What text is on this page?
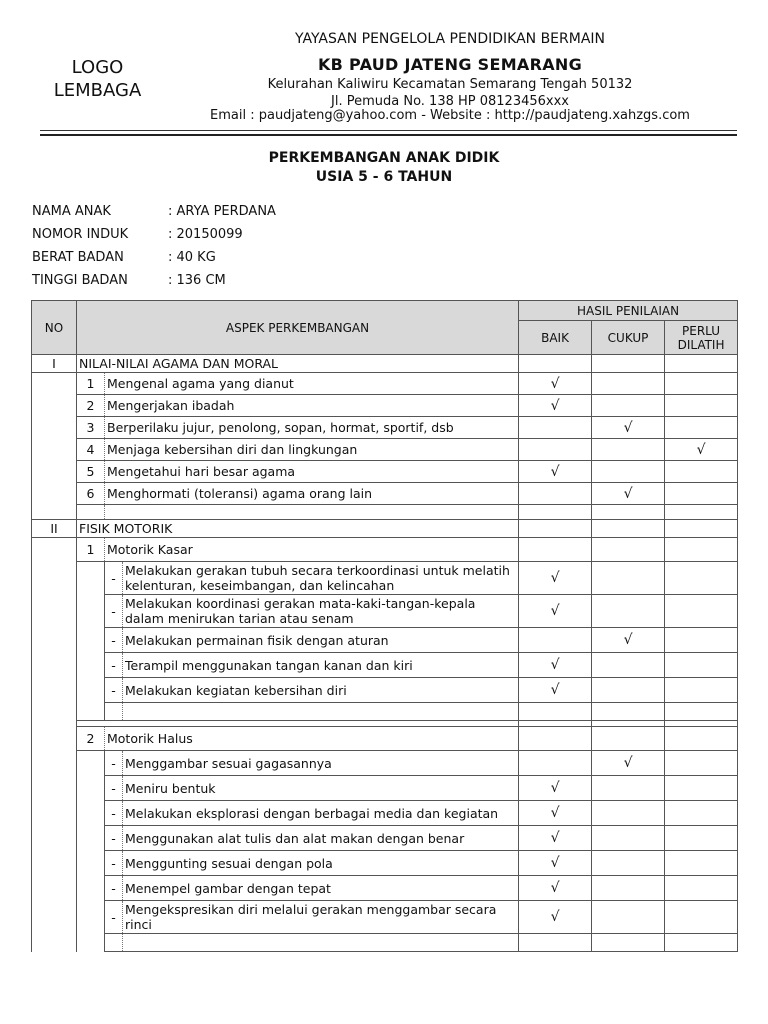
LOGO
LEMBAGA
YAYASAN PENGELOLA PENDIDIKAN BERMAIN
KB PAUD JATENG SEMARANG
Kelurahan Kaliwiru Kecamatan Semarang Tengah 50132
Jl. Pemuda No. 138 HP 08123456xxx
Email : paudjateng@yahoo.com - Website : http://paudjateng.xahzgs.com
PERKEMBANGAN ANAK DIDIK
USIA 5 - 6 TAHUN
NAMA ANAK	: ARYA PERDANA
NOMOR INDUK	: 20150099
BERAT BADAN	: 40 KG
TINGGI BADAN	: 136 CM
NO	ASPEK PERKEMBANGAN			HASIL PENILAIAN		
				BAIK	CUKUP	PERLU
DILATIH

I	NILAI-NILAI AGAMA DAN MORAL					
	1	Mengenal agama yang dianut		√		
	2	Mengerjakan ibadah		√		
	3	Berperilaku jujur, penolong, sopan, hormat, sportif, dsb			√	
	4	Menjaga kebersihan diri dan lingkungan				√
	5	Mengetahui hari besar agama		√		
	6	Menghormati (toleransi) agama orang lain			√	

II	FISIK MOTORIK					
	1	Motorik Kasar				
		-	Melakukan gerakan tubuh secara terkoordinasi untuk melatih kelenturan, keseimbangan, dan kelincahan	√		
		-	Melakukan koordinasi gerakan mata-kaki-tangan-kepala dalam menirukan tarian atau senam	√		
		-	Melakukan permainan fisik dengan aturan		√	
		-	Terampil menggunakan tangan kanan dan kiri	√		
		-	Melakukan kegiatan kebersihan diri	√		

	2	Motorik Halus				
		-	Menggambar sesuai gagasannya		√	
		-	Meniru bentuk	√		
		-	Melakukan eksplorasi dengan berbagai media dan kegiatan	√		
		-	Menggunakan alat tulis dan alat makan dengan benar	√		
		-	Menggunting sesuai dengan pola	√		
		-	Menempel gambar dengan tepat	√		
		-	Mengekspresikan diri melalui gerakan menggambar secara rinci	√		
